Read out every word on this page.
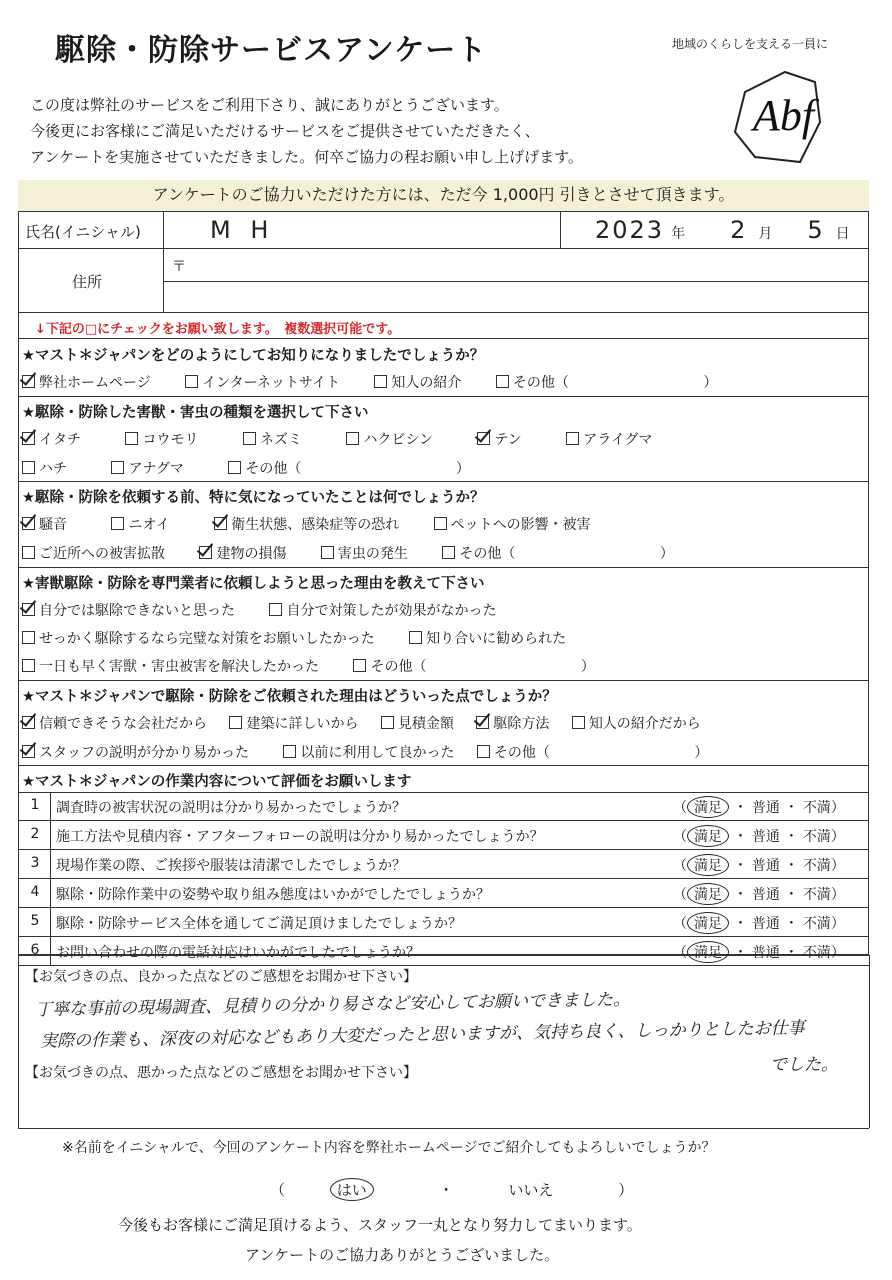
駆除・防除サービスアンケート	地域のくらしを支える一員に
Abf
この度は弊社のサービスをご利用下さり、誠にありがとうございます。
今後更にお客様にご満足いただけるサービスをご提供させていただきたく、
アンケートを実施させていただきました。何卒ご協力の程お願い申し上げげます。
アンケートのご協力いただけた方には、ただ今 1,000円 引きとさせて頂きます。
氏名(イニシャル)	M H	2023 年 2 月 5 日
住所
〒
↓下記の□にチェックをお願い致します。　複数選択可能です。
★マスト＊ジャパンをどのようにしてお知りになりましたでしょうか？
弊社ホームページ	インターネットサイト	知人の紹介	その他（	）
★駆除・防除した害獣・害虫の種類を選択して下さい
イタチ	コウモリ	ネズミ	ハクビシン	テン	アライグマ
ハチ	アナグマ	その他（	）
★駆除・防除を依頼する前、特に気になっていたことは何でしょうか？
騒音	ニオイ	衛生状態、感染症等の恐れ	ペットへの影響・被害
ご近所への被害拡散	建物の損傷	害虫の発生	その他（	）
★害獣駆除・防除を専門業者に依頼しようと思った理由を教えて下さい
自分では駆除できないと思った	自分で対策したが効果がなかった
せっかく駆除するなら完璧な対策をお願いしたかった	知り合いに勧められた
一日も早く害獣・害虫被害を解決したかった	その他（	）
★マスト＊ジャパンで駆除・防除をご依頼された理由はどういった点でしょうか？
信頼できそうな会社だから	建築に詳しいから	見積金額	駆除方法	知人の紹介だから
スタッフの説明が分かり易かった	以前に利用して良かった	その他（	）
★マスト＊ジャパンの作業内容について評価をお願いします
1	調査時の被害状況の説明は分かり易かったでしょうか？	（ 満足 ・ 普通 ・ 不満）
2	施工方法や見積内容・アフターフォローの説明は分かり易かったでしょうか？	（ 満足 ・ 普通 ・ 不満）
3	現場作業の際、ご挨拶や服装は清潔でしたでしょうか？	（ 満足 ・ 普通 ・ 不満）
4	駆除・防除作業中の姿勢や取り組み態度はいかがでしたでしょうか？	（ 満足 ・ 普通 ・ 不満）
5	駆除・防除サービス全体を通してご満足頂けましたでしょうか？	（ 満足 ・ 普通 ・ 不満）
6	お問い合わせの際の電話対応はいかがでしたでしょうか？	（ 満足 ・ 普通 ・ 不満）
【お気づきの点、良かった点などのご感想をお聞かせ下さい】
丁寧な事前の現場調査、見積りの分かり易さなど安心してお願いできました。
実際の作業も、深夜の対応などもあり大変だったと思いますが、気持ち良く、しっかりとしたお仕事
でした。
【お気づきの点、悪かった点などのご感想をお聞かせ下さい】
※名前をイニシャルで、今回のアンケート内容を弊社ホームページでご紹介してもよろしいでしょうか？
（	はい	・	いいえ	）
今後もお客様にご満足頂けるよう、スタッフ一丸となり努力してまいります。
アンケートのご協力ありがとうございました。
